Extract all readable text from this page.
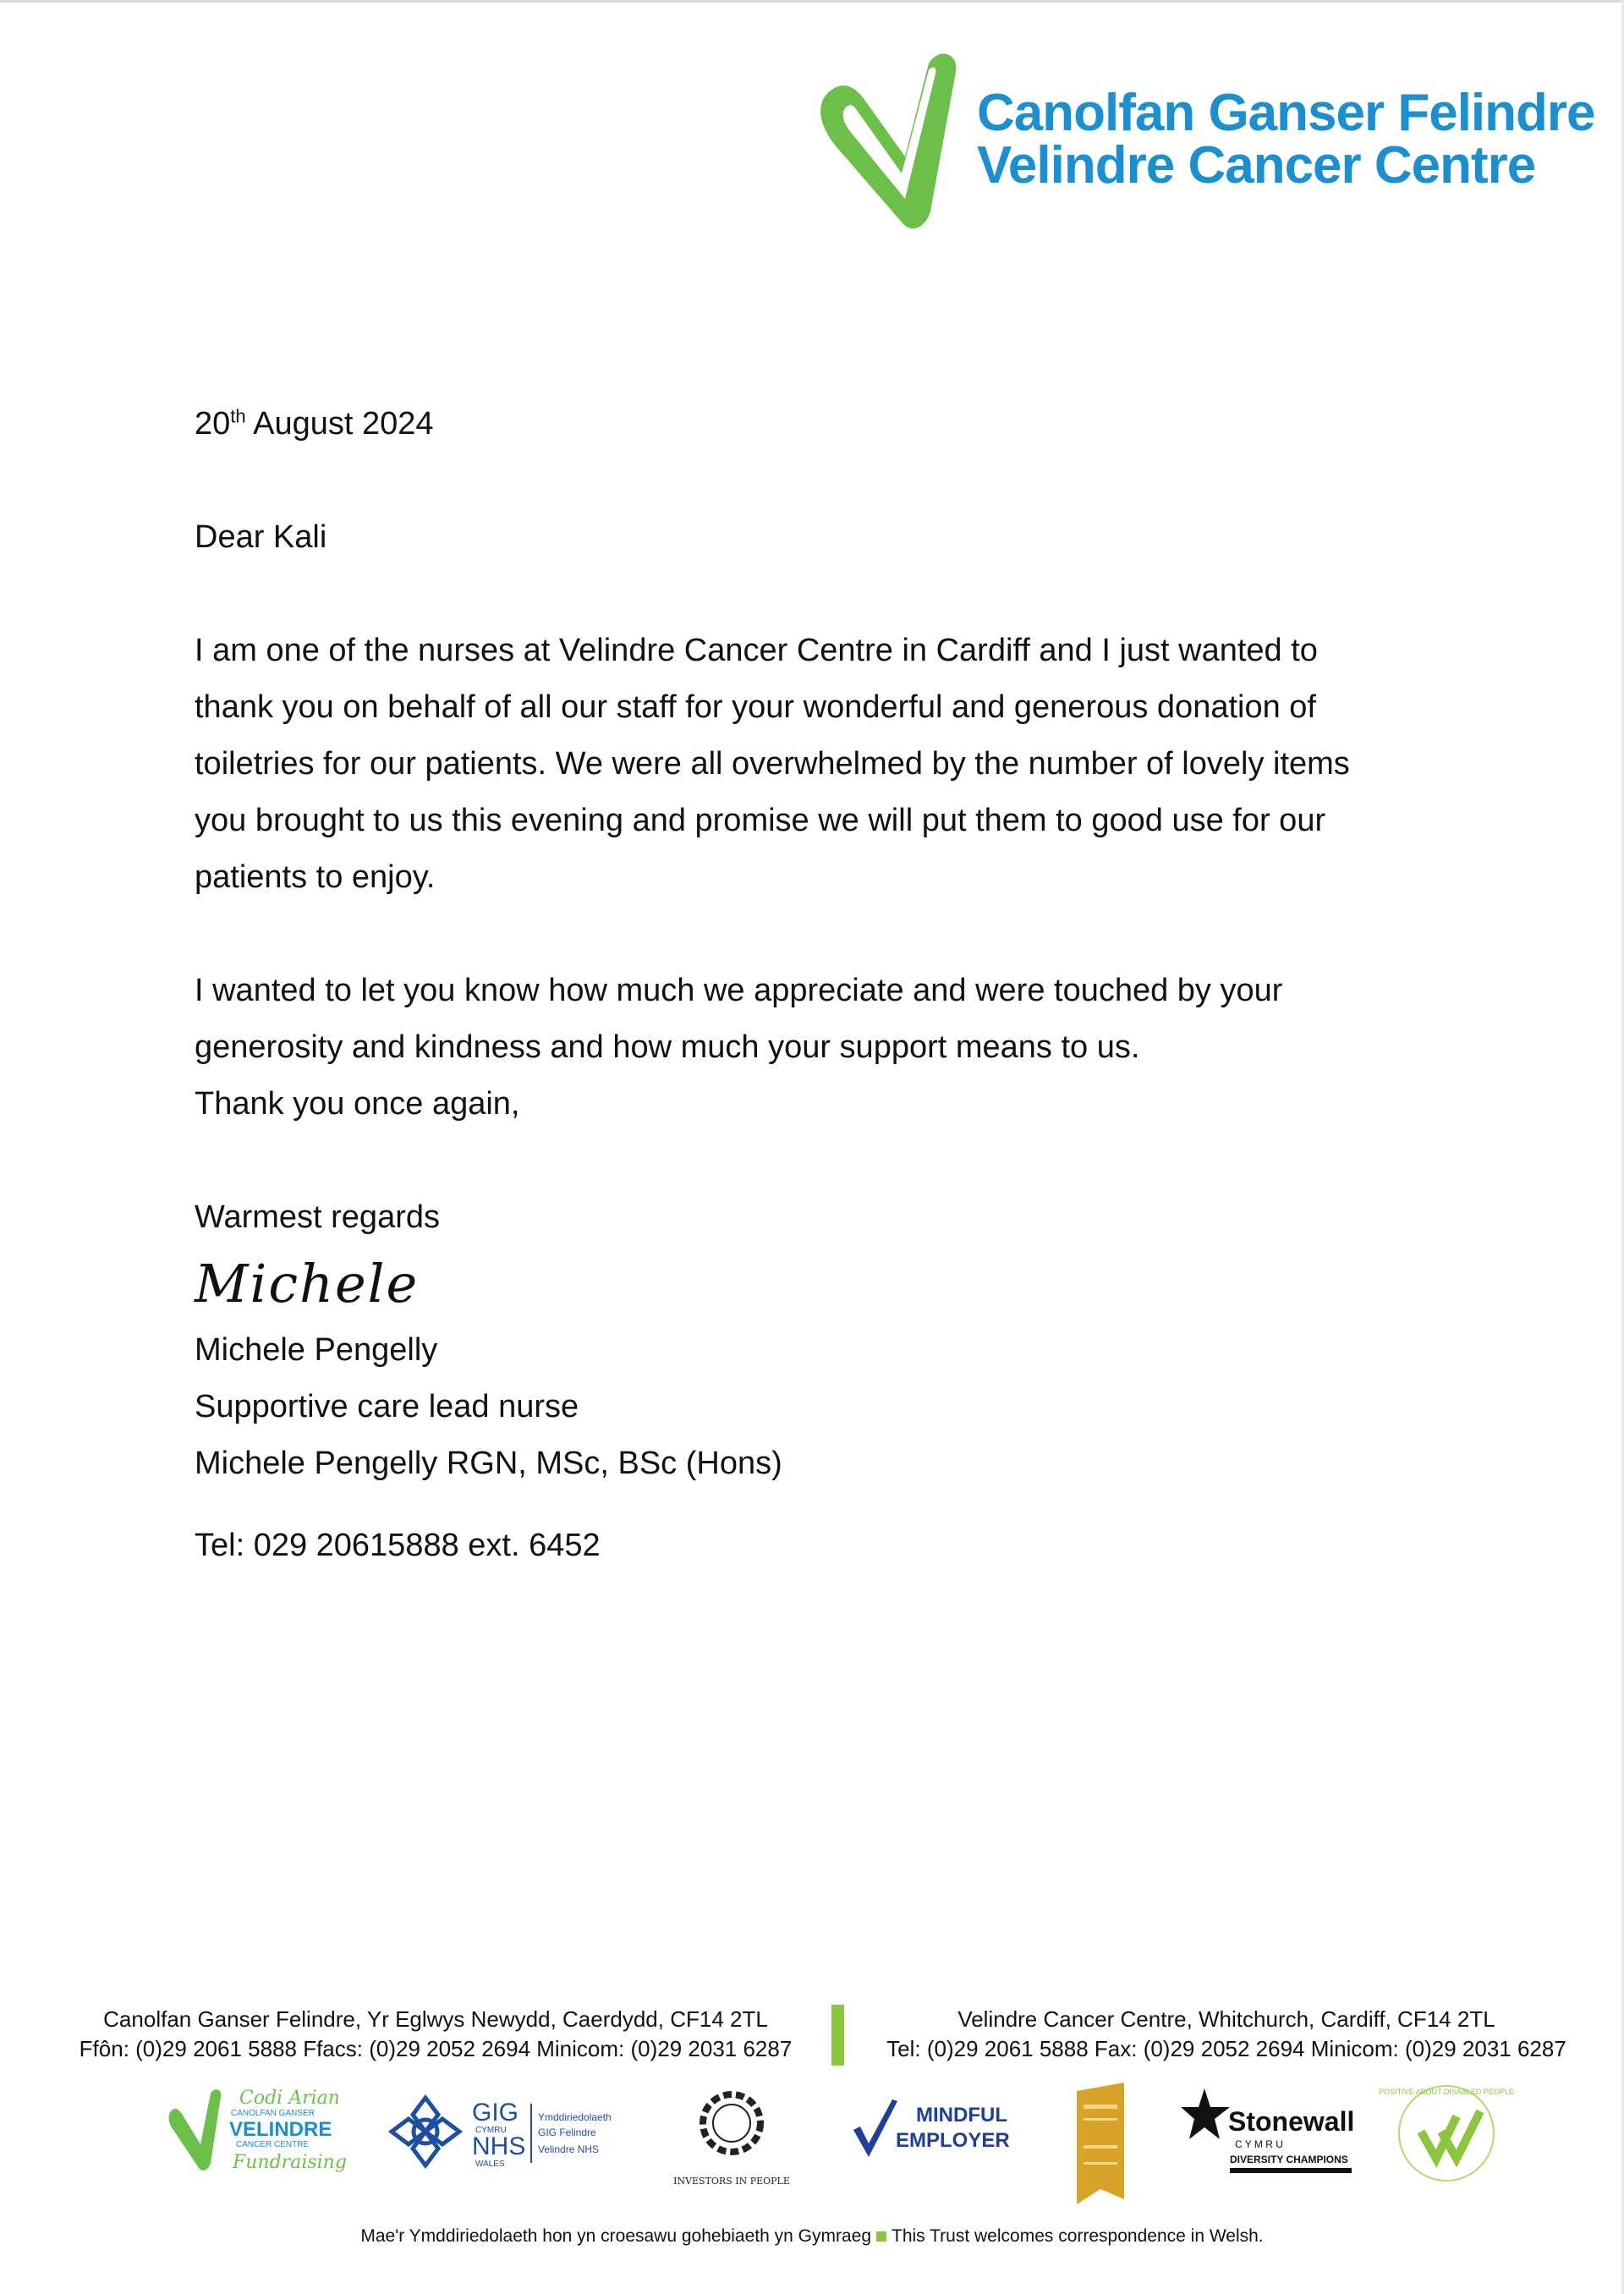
Canolfan Ganser Felindre
Velindre Cancer Centre

20th August 2024

Dear Kali

I am one of the nurses at Velindre Cancer Centre in Cardiff and I just wanted to thank you on behalf of all our staff for your wonderful and generous donation of toiletries for our patients. We were all overwhelmed by the number of lovely items you brought to us this evening and promise we will put them to good use for our patients to enjoy.

I wanted to let you know how much we appreciate and were touched by your

generosity and kindness and how much your support means to us.

Thank you once again,

Warmest regards

Michele

Michele Pengelly

Supportive care lead nurse

Michele Pengelly RGN, MSc, BSc (Hons)

Tel: 029 20615888 ext. 6452

Canolfan Ganser Felindre, Yr Eglwys Newydd, Caerdydd, CF14 2TL
Ffôn: (0)29 2061 5888 Ffacs: (0)29 2052 2694 Minicom: (0)29 2031 6287
Velindre Cancer Centre, Whitchurch, Cardiff, CF14 2TL
Tel: (0)29 2061 5888 Fax: (0)29 2052 2694 Minicom: (0)29 2031 6287
Codi Arian
CANOLFAN GANSER
VELINDRE
CANCER CENTRE
Fundraising
GIG
CYMRU
NHS
WALES
Ymddiriedolaeth
GIG Felindre
Velindre NHS
INVESTORS IN PEOPLE
MINDFUL
EMPLOYER
Stonewall
C Y M R U
DIVERSITY CHAMPIONS
POSITIVE ABOUT DISABLED PEOPLE
Mae'r Ymddiriedolaeth hon yn croesawu gohebiaeth yn Gymraeg This Trust welcomes correspondence in Welsh.
